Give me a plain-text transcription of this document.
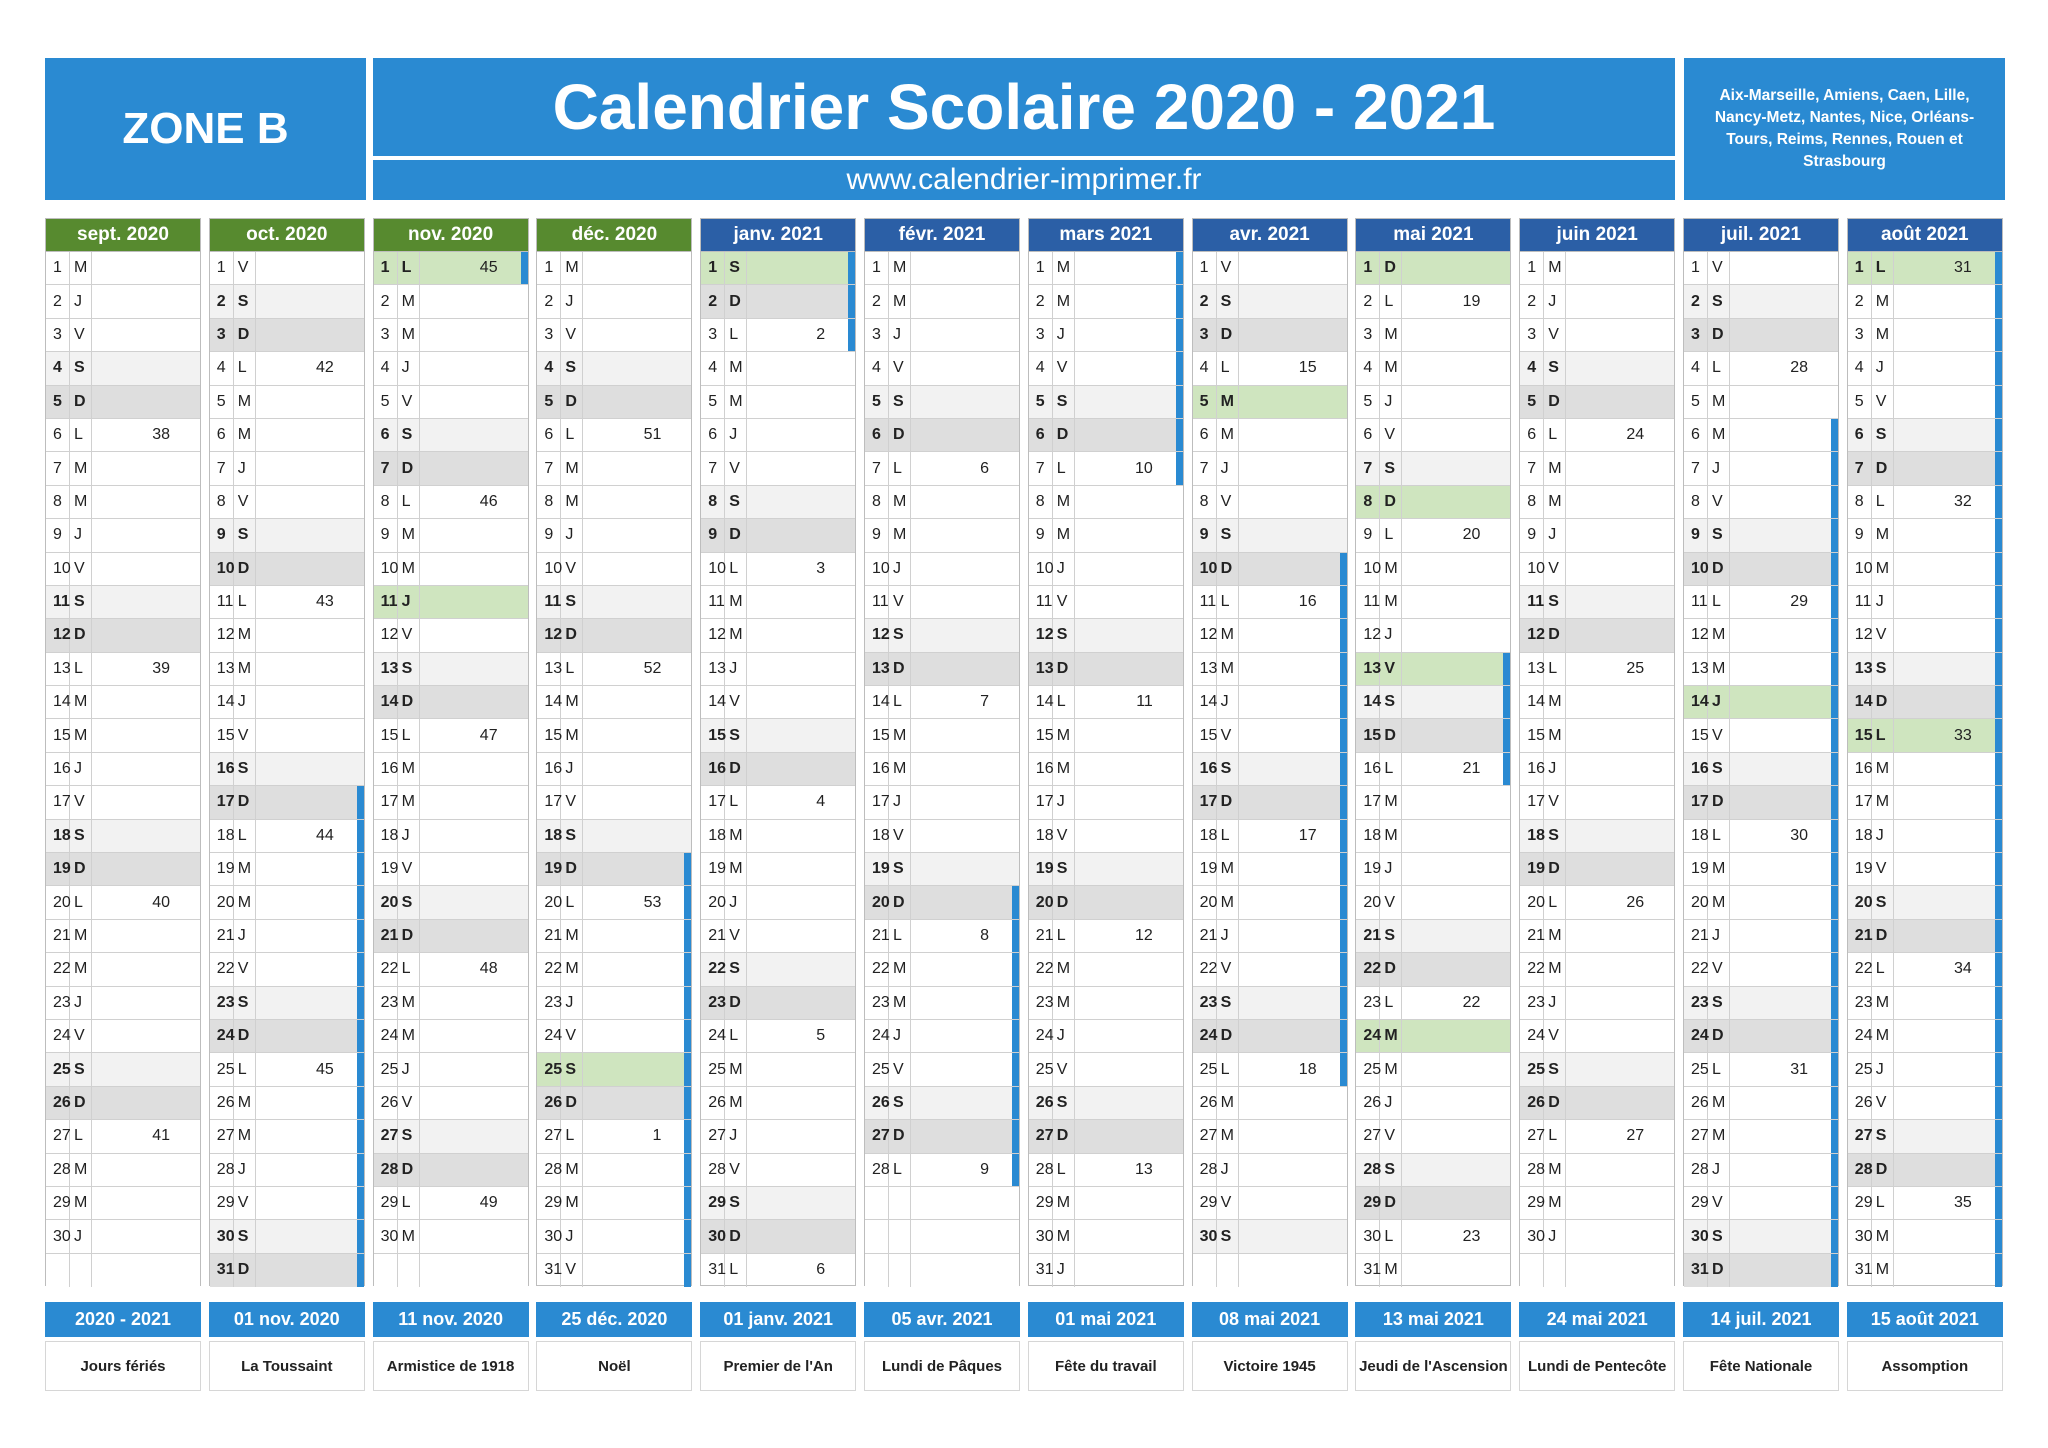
ZONE B	Calendrier Scolaire 2020 - 2021
www.calendrier-imprimer.fr
Aix-Marseille, Amiens, Caen, Lille, Nancy-Metz, Nantes, Nice, Orléans-Tours, Reims, Rennes, Rouen et Strasbourg
sept. 2020
1 M
2 J
3 V
4 S
5 D
6 L	38
7 M
8 M
9 J
10 V
11 S
12 D
13 L	39
14 M
15 M
16 J
17 V
18 S
19 D
20 L	40
21 M
22 M
23 J
24 V
25 S
26 D
27 L	41
28 M
29 M
30 J
oct. 2020
1 V
2 S
3 D
4 L	42
5 M
6 M
7 J
8 V
9 S
10 D
11 L	43
12 M
13 M
14 J
15 V
16 S
17 D
18 L	44
19 M
20 M
21 J
22 V
23 S
24 D
25 L	45
26 M
27 M
28 J
29 V
30 S
31 D
nov. 2020
1 L	45
2 M
3 M
4 J
5 V
6 S
7 D
8 L	46
9 M
10 M
11 J
12 V
13 S
14 D
15 L	47
16 M
17 M
18 J
19 V
20 S
21 D
22 L	48
23 M
24 M
25 J
26 V
27 S
28 D
29 L	49
30 M
déc. 2020
1 M
2 J
3 V
4 S
5 D
6 L	51
7 M
8 M
9 J
10 V
11 S
12 D
13 L	52
14 M
15 M
16 J
17 V
18 S
19 D
20 L	53
21 M
22 M
23 J
24 V
25 S
26 D
27 L	1
28 M
29 M
30 J
31 V
janv. 2021
1 S
2 D
3 L	2
4 M
5 M
6 J
7 V
8 S
9 D
10 L	3
11 M
12 M
13 J
14 V
15 S
16 D
17 L	4
18 M
19 M
20 J
21 V
22 S
23 D
24 L	5
25 M
26 M
27 J
28 V
29 S
30 D
31 L	6
févr. 2021
1 M
2 M
3 J
4 V
5 S
6 D
7 L	6
8 M
9 M
10 J
11 V
12 S
13 D
14 L	7
15 M
16 M
17 J
18 V
19 S
20 D
21 L	8
22 M
23 M
24 J
25 V
26 S
27 D
28 L	9
mars 2021
1 M
2 M
3 J
4 V
5 S
6 D
7 L	10
8 M
9 M
10 J
11 V
12 S
13 D
14 L	11
15 M
16 M
17 J
18 V
19 S
20 D
21 L	12
22 M
23 M
24 J
25 V
26 S
27 D
28 L	13
29 M
30 M
31 J
avr. 2021
1 V
2 S
3 D
4 L	15
5 M
6 M
7 J
8 V
9 S
10 D
11 L	16
12 M
13 M
14 J
15 V
16 S
17 D
18 L	17
19 M
20 M
21 J
22 V
23 S
24 D
25 L	18
26 M
27 M
28 J
29 V
30 S
mai 2021
1 D
2 L	19
3 M
4 M
5 J
6 V
7 S
8 D
9 L	20
10 M
11 M
12 J
13 V
14 S
15 D
16 L	21
17 M
18 M
19 J
20 V
21 S
22 D
23 L	22
24 M
25 M
26 J
27 V
28 S
29 D
30 L	23
31 M
juin 2021
1 M
2 J
3 V
4 S
5 D
6 L	24
7 M
8 M
9 J
10 V
11 S
12 D
13 L	25
14 M
15 M
16 J
17 V
18 S
19 D
20 L	26
21 M
22 M
23 J
24 V
25 S
26 D
27 L	27
28 M
29 M
30 J
juil. 2021
1 V
2 S
3 D
4 L	28
5 M
6 M
7 J
8 V
9 S
10 D
11 L	29
12 M
13 M
14 J
15 V
16 S
17 D
18 L	30
19 M
20 M
21 J
22 V
23 S
24 D
25 L	31
26 M
27 M
28 J
29 V
30 S
31 D
août 2021
1 L	31
2 M
3 M
4 J
5 V
6 S
7 D
8 L	32
9 M
10 M
11 J
12 V
13 S
14 D
15 L	33
16 M
17 M
18 J
19 V
20 S
21 D
22 L	34
23 M
24 M
25 J
26 V
27 S
28 D
29 L	35
30 M
31 M
2020 - 2021
Jours fériés
01 nov. 2020
La Toussaint
11 nov. 2020
Armistice de 1918
25 déc. 2020
Noël
01 janv. 2021
Premier de l'An
05 avr. 2021
Lundi de Pâques
01 mai 2021
Fête du travail
08 mai 2021
Victoire 1945
13 mai 2021
Jeudi de l'Ascension
24 mai 2021
Lundi de Pentecôte
14 juil. 2021
Fête Nationale
15 août 2021
Assomption
